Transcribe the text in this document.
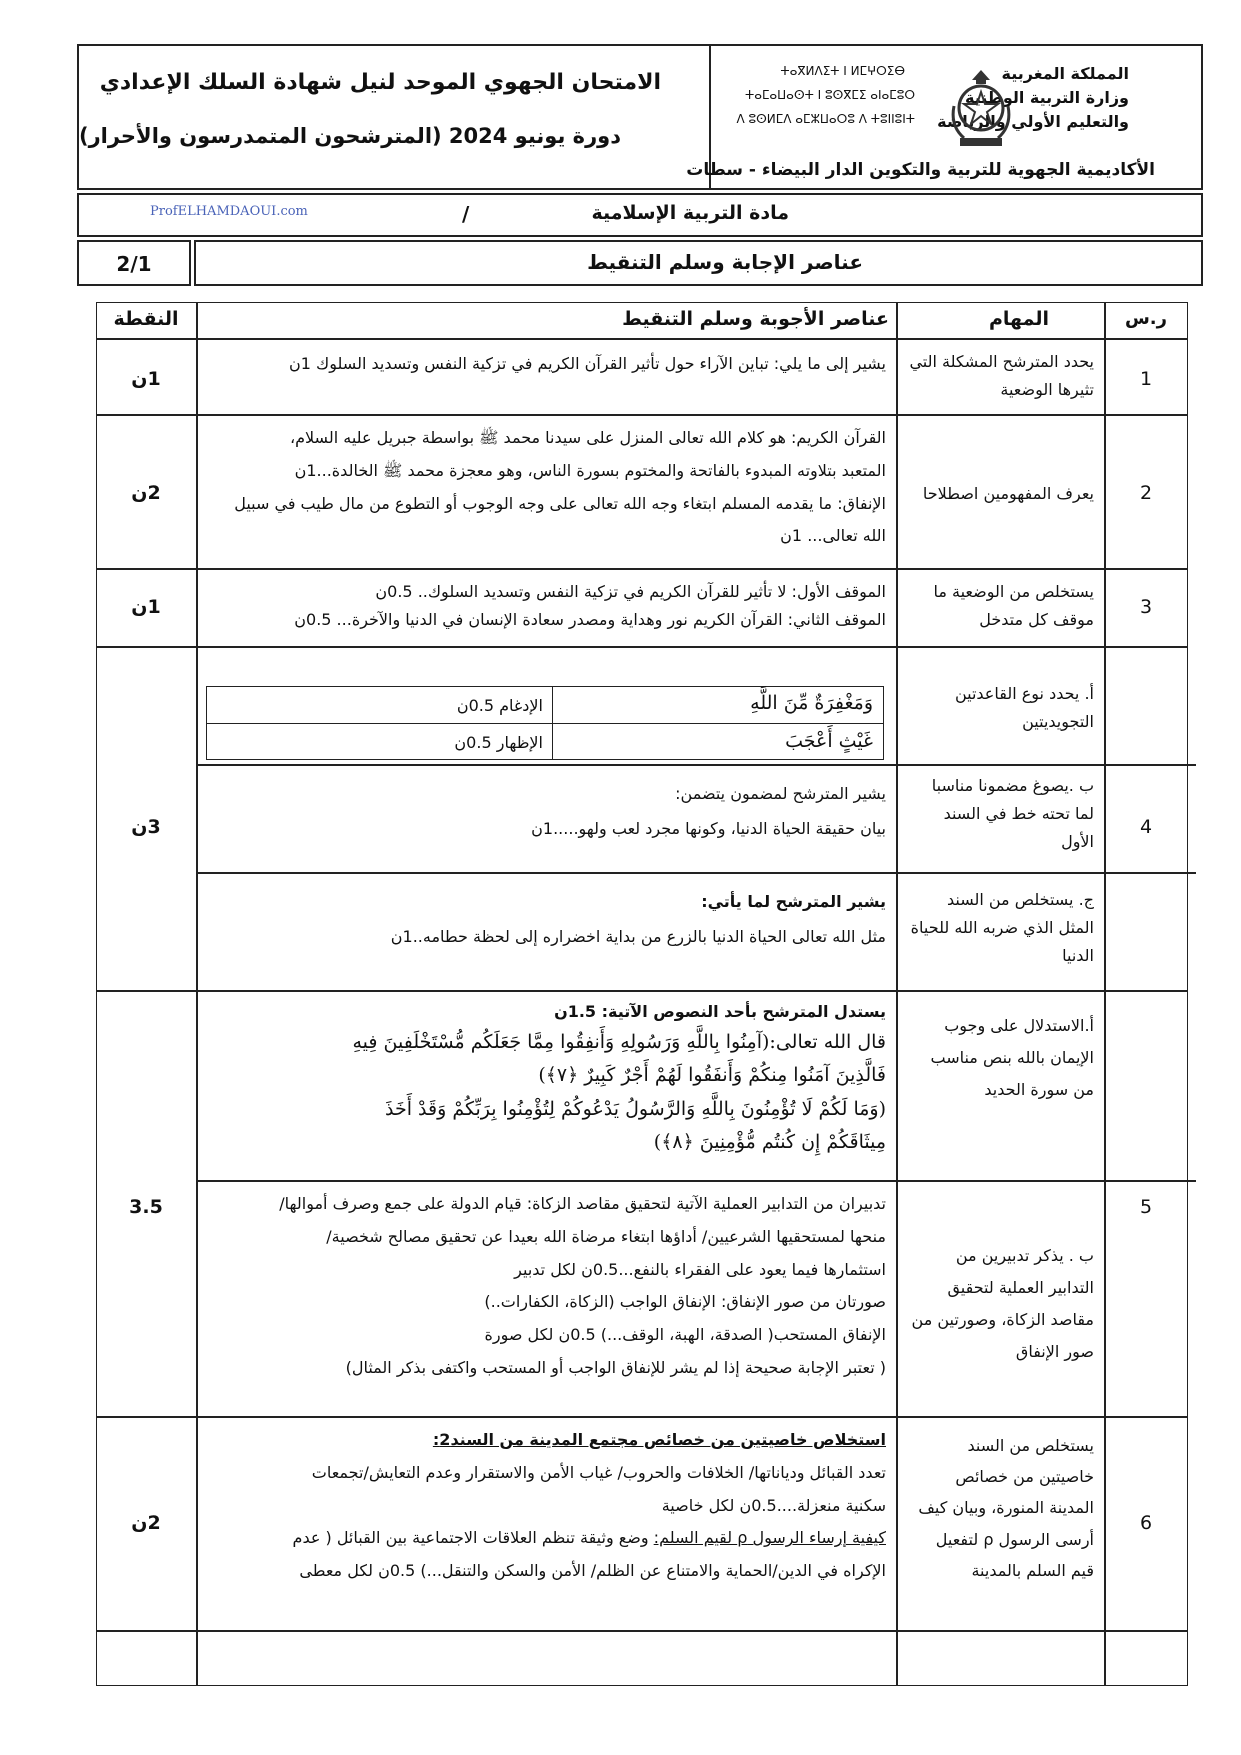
المملكة المغربية
وزارة التربية الوطنية
والتعليم الأولي والرياضة
ⵜⴰⴳⵍⴷⵉⵜ ⵏ ⵍⵎⵖⵔⵉⴱ
ⵜⴰⵎⴰⵡⴰⵙⵜ ⵏ ⵓⵙⴳⵎⵉ ⴰⵏⴰⵎⵓⵔ
ⴷ ⵓⵙⵍⵎⴷ ⴰⵎⵣⵡⴰⵔⵓ ⴷ ⵜⵓⵏⵏⵓⵏⵜ
الأكاديمية الجهوية للتربية والتكوين الدار البيضاء - سطات
الامتحان الجهوي الموحد لنيل شهادة السلك الإعدادي
دورة يونيو 2024 (المترشحون المتمدرسون والأحرار)
مادة التربية الإسلامية
/
ProfELHAMDAOUI.com
2/1	عناصر الإجابة وسلم التنقيط
ر.س
المهام
عناصر الأجوبة وسلم التنقيط
النقطة
1

يحدد المترشح المشكلة التي تثيرها الوضعية

يشير إلى ما يلي: تباين الآراء حول تأثير القرآن الكريم في تزكية النفس وتسديد السلوك 1ن

1ن
2

يعرف المفهومين اصطلاحا

القرآن الكريم: هو كلام الله تعالى المنزل على سيدنا محمد ﷺ بواسطة جبريل عليه السلام،

المتعبد بتلاوته المبدوء بالفاتحة والمختوم بسورة الناس، وهو معجزة محمد ﷺ الخالدة...1ن

الإنفاق: ما يقدمه المسلم ابتغاء وجه الله تعالى على وجه الوجوب أو التطوع من مال طيب في سبيل

الله تعالى... 1ن

2ن
3

يستخلص من الوضعية ما موقف كل متدخل

الموقف الأول: لا تأثير للقرآن الكريم في تزكية النفس وتسديد السلوك.. 0.5ن

الموقف الثاني: القرآن الكريم نور وهداية ومصدر سعادة الإنسان في الدنيا والآخرة... 0.5ن

1ن
4

أ. يحدد نوع القاعدتين التجويديتين

وَمَغْفِرَةٌ مِّنَ اللَّهِ
الإدغام 0.5ن
غَيْثٍ أَعْجَبَ
الإظهار 0.5ن

ب .يصوغ مضمونا مناسبا لما تحته خط في السند الأول

يشير المترشح لمضمون يتضمن:

بيان حقيقة الحياة الدنيا، وكونها مجرد لعب ولهو.....1ن

ج. يستخلص من السند المثل الذي ضربه الله للحياة الدنيا

يشير المترشح لما يأتي:

مثل الله تعالى الحياة الدنيا بالزرع من بداية اخضراره إلى لحظة حطامه..1ن

3ن
5

أ.الاستدلال على وجوب الإيمان بالله بنص مناسب من سورة الحديد

يستدل المترشح بأحد النصوص الآتية: 1.5ن

قال الله تعالى:(آمِنُوا بِاللَّهِ وَرَسُولِهِ وَأَنفِقُوا مِمَّا جَعَلَكُم مُّسْتَخْلَفِينَ فِيهِ

فَالَّذِينَ آمَنُوا مِنكُمْ وَأَنفَقُوا لَهُمْ أَجْرٌ كَبِيرٌ ﴿٧﴾)

(وَمَا لَكُمْ لَا تُؤْمِنُونَ بِاللَّهِ وَالرَّسُولُ يَدْعُوكُمْ لِتُؤْمِنُوا بِرَبِّكُمْ وَقَدْ أَخَذَ

مِيثَاقَكُمْ إِن كُنتُم مُّؤْمِنِينَ ﴿٨﴾)

ب . يذكر تدبيرين من التدابير العملية لتحقيق مقاصد الزكاة، وصورتين من صور الإنفاق

تدبيران من التدابير العملية الآتية لتحقيق مقاصد الزكاة: قيام الدولة على جمع وصرف أموالها/

منحها لمستحقيها الشرعيين/ أداؤها ابتغاء مرضاة الله بعيدا عن تحقيق مصالح شخصية/

استثمارها فيما يعود على الفقراء بالنفع...0.5ن لكل تدبير

صورتان من صور الإنفاق: الإنفاق الواجب (الزكاة، الكفارات..)

الإنفاق المستحب( الصدقة، الهبة، الوقف...) 0.5ن لكل صورة

( تعتبر الإجابة صحيحة إذا لم يشر للإنفاق الواجب أو المستحب واكتفى بذكر المثال)

3.5
6

يستخلص من السند خاصيتين من خصائص المدينة المنورة، وبيان كيف أرسى الرسول ρ لتفعيل قيم السلم بالمدينة

استخلاص خاصيتين من خصائص مجتمع المدينة من السند2:

تعدد القبائل ودياناتها/ الخلافات والحروب/ غياب الأمن والاستقرار وعدم التعايش/تجمعات

سكنية منعزلة....0.5ن لكل خاصية

كيفية إرساء الرسول ρ لقيم السلم: وضع وثيقة تنظم العلاقات الاجتماعية بين القبائل ( عدم

الإكراه في الدين/الحماية والامتناع عن الظلم/ الأمن والسكن والتنقل...) 0.5ن لكل معطى

2ن
